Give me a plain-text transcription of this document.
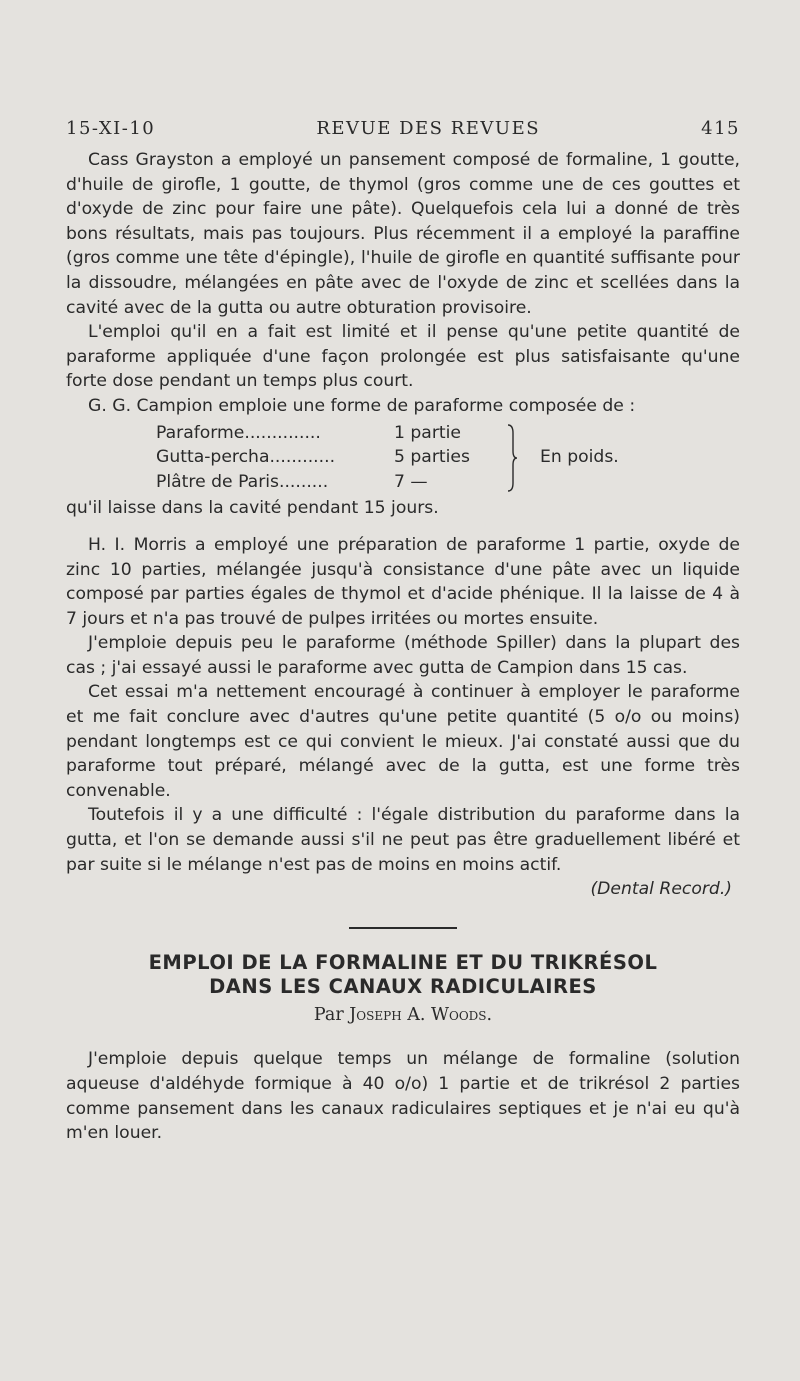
15-XI-10	REVUE DES REVUES	415

Cass Grayston a employé un pansement composé de formaline, 1 goutte, d'huile de girofle, 1 goutte, de thymol (gros comme une de ces gouttes et d'oxyde de zinc pour faire une pâte). Quelquefois cela lui a donné de très bons résultats, mais pas toujours. Plus récemment il a employé la paraffine (gros comme une tête d'épingle), l'huile de girofle en quantité suffisante pour la dissoudre, mélangées en pâte avec de l'oxyde de zinc et scellées dans la cavité avec de la gutta ou autre obturation provisoire.

L'emploi qu'il en a fait est limité et il pense qu'une petite quantité de paraforme appliquée d'une façon prolongée est plus satisfaisante qu'une forte dose pendant un temps plus court.

G. G. Campion emploie une forme de paraforme composée de :

Paraforme..............	1 partie
Gutta-percha............	5 parties
Plâtre de Paris.........	7 —
En poids.

qu'il laisse dans la cavité pendant 15 jours.

H. I. Morris a employé une préparation de paraforme 1 partie, oxyde de zinc 10 parties, mélangée jusqu'à consistance d'une pâte avec un liquide composé par parties égales de thymol et d'acide phénique. Il la laisse de 4 à 7 jours et n'a pas trouvé de pulpes irritées ou mortes ensuite.

J'emploie depuis peu le paraforme (méthode Spiller) dans la plupart des cas ; j'ai essayé aussi le paraforme avec gutta de Campion dans 15 cas.

Cet essai m'a nettement encouragé à continuer à employer le paraforme et me fait conclure avec d'autres qu'une petite quantité (5 o/o ou moins) pendant longtemps est ce qui convient le mieux. J'ai constaté aussi que du paraforme tout préparé, mélangé avec de la gutta, est une forme très convenable.

Toutefois il y a une difficulté : l'égale distribution du paraforme dans la gutta, et l'on se demande aussi s'il ne peut pas être graduellement libéré et par suite si le mélange n'est pas de moins en moins actif.

(Dental Record.)

EMPLOI DE LA FORMALINE ET DU TRIKRÉSOL

DANS LES CANAUX RADICULAIRES

Par Joseph A. Woods.

J'emploie depuis quelque temps un mélange de formaline (solution aqueuse d'aldéhyde formique à 40 o/o) 1 partie et de trikrésol 2 parties comme pansement dans les canaux radiculaires septiques et je n'ai eu qu'à m'en louer.
